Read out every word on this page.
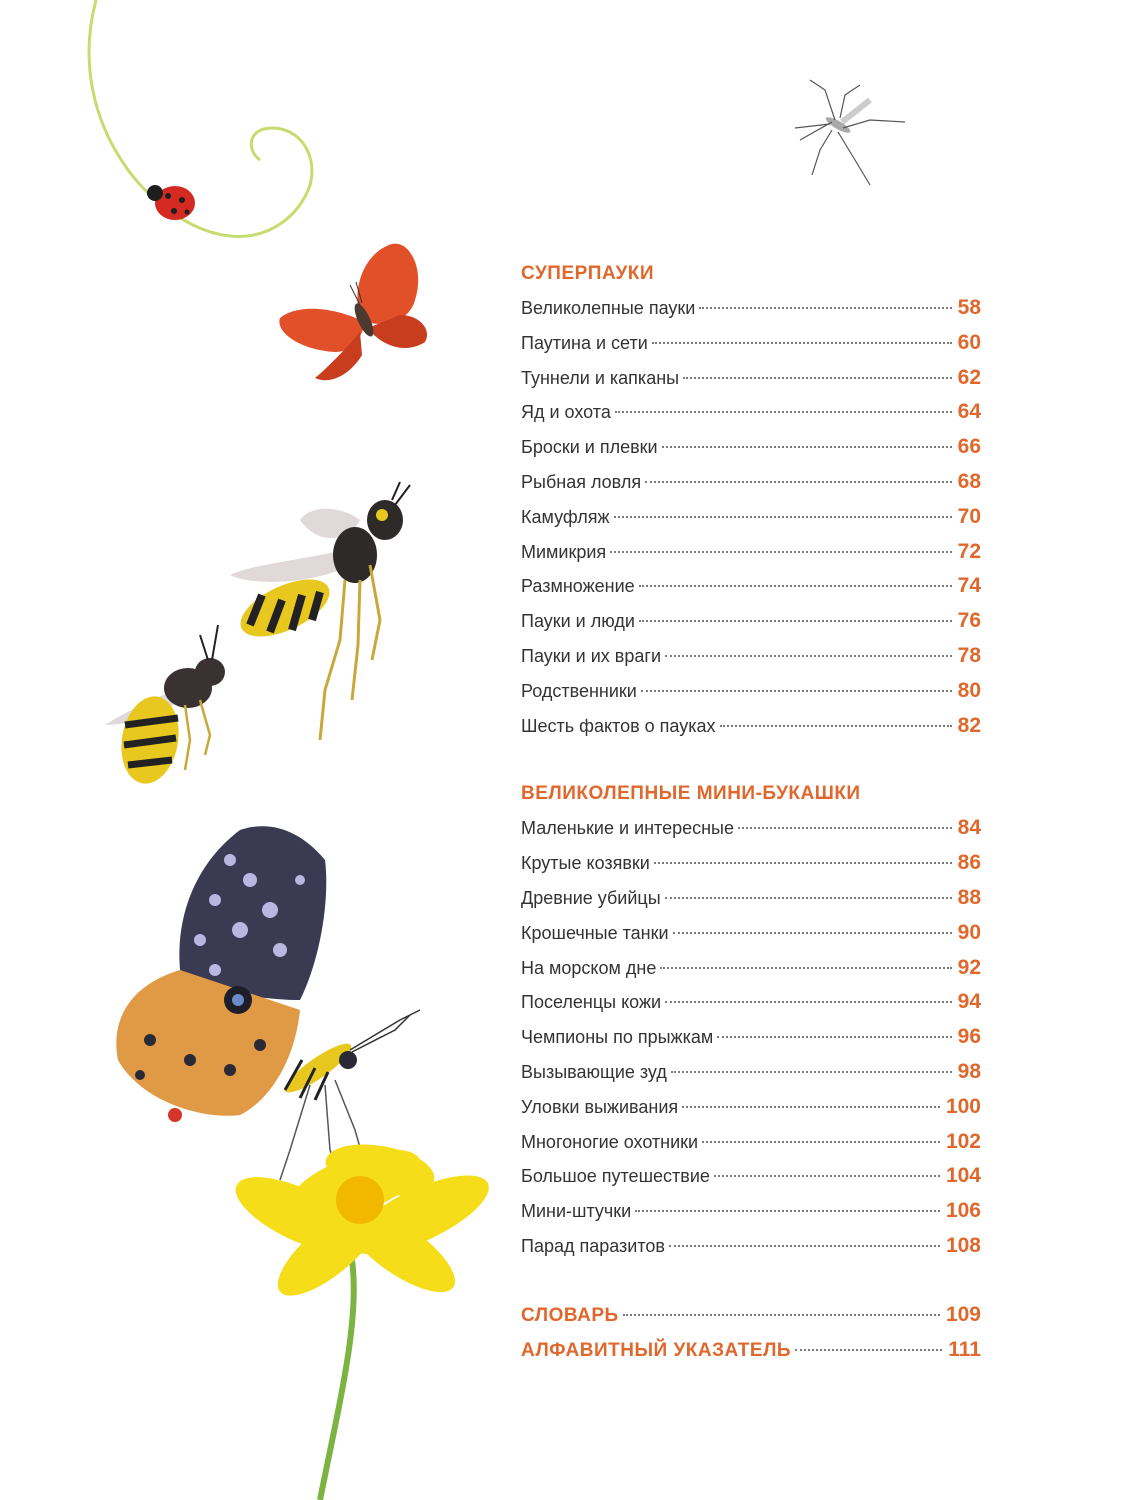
СУПЕРПАУКИ
Великолепные пауки	58
Паутина и сети	60
Туннели и капканы	62
Яд и охота	64
Броски и плевки	66
Рыбная ловля	68
Камуфляж	70
Мимикрия	72
Размножение	74
Пауки и люди	76
Пауки и их враги	78
Родственники	80
Шесть фактов о пауках	82
ВЕЛИКОЛЕПНЫЕ МИНИ-БУКАШКИ
Маленькие и интересные	84
Крутые козявки	86
Древние убийцы	88
Крошечные танки	90
На морском дне	92
Поселенцы кожи	94
Чемпионы по прыжкам	96
Вызывающие зуд	98
Уловки выживания	100
Многоногие охотники	102
Большое путешествие	104
Мини-штучки	106
Парад паразитов	108
СЛОВАРЬ	109
АЛФАВИТНЫЙ УКАЗАТЕЛЬ	111
